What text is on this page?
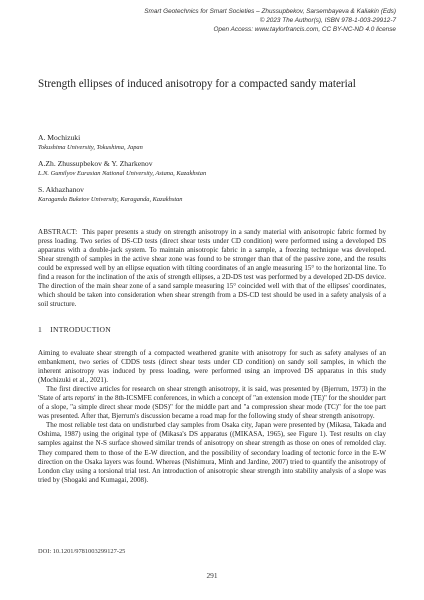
Smart Geotechnics for Smart Societies – Zhussupbekov, Sarsembayeva & Kaliakin (Eds)
© 2023 The Author(s), ISBN 978-1-003-29912-7
Open Access: www.taylorfrancis.com, CC BY-NC-ND 4.0 license
Strength ellipses of induced anisotropy for a compacted sandy material
A. Mochizuki
Tokushima University, Tokushima, Japan
A.Zh. Zhussupbekov & Y. Zharkenov
L.N. Gumilyov Eurasian National University, Astana, Kazakhstan
S. Akhazhanov
Karaganda Buketov University, Karaganda, Kazakhstan

ABSTRACT: This paper presents a study on strength anisotropy in a sandy material with anisotropic fabric formed by press loading. Two series of DS-CD tests (direct shear tests under CD condition) were performed using a developed DS apparatus with a double-jack system. To maintain anisotropic fabric in a sample, a freezing technique was developed. Shear strength of samples in the active shear zone was found to be stronger than that of the passive zone, and the results could be expressed well by an ellipse equation with tilting coordinates of an angle measuring 15° to the horizontal line. To find a reason for the inclination of the axis of strength ellipses, a 2D-DS test was performed by a developed 2D-DS device. The direction of the main shear zone of a sand sample measuring 15° coincided well with that of the ellipses' coordinates, which should be taken into consideration when shear strength from a DS-CD test should be used in a safety analysis of a soil structure.

1 INTRODUCTION

Aiming to evaluate shear strength of a compacted weathered granite with anisotropy for such as safety analyses of an embankment, two series of CDDS tests (direct shear tests under CD condition) on sandy soil samples, in which the inherent anisotropy was induced by press loading, were performed using an improved DS apparatus in this study (Mochizuki et al., 2021).

The first directive articles for research on shear strength anisotropy, it is said, was presented by (Bjerrum, 1973) in the 'State of arts reports' in the 8th-ICSMFE conferences, in which a concept of "an extension mode (TE)" for the shoulder part of a slope, "a simple direct shear mode (SDS)" for the middle part and "a compression shear mode (TC)" for the toe part was presented. After that, Bjerrum's discussion became a road map for the following study of shear strength anisotropy.

The most reliable test data on undisturbed clay samples from Osaka city, Japan were presented by (Mikasa, Takada and Oshima, 1987) using the original type of (Mikasa's DS apparatus ((MIKASA, 1965), see Figure 1). Test results on clay samples against the N-S surface showed similar trends of anisotropy on shear strength as those on ones of remolded clay. They compared them to those of the E-W direction, and the possibility of secondary loading of tectonic force in the E-W direction on the Osaka layers was found. Whereas (Nishimura, Minh and Jardine, 2007) tried to quantify the anisotropy of London clay using a torsional trial test. An introduction of anisotropic shear strength into stability analysis of a slope was tried by (Shogaki and Kumagai, 2008).

DOI: 10.1201/9781003299127-25
291
